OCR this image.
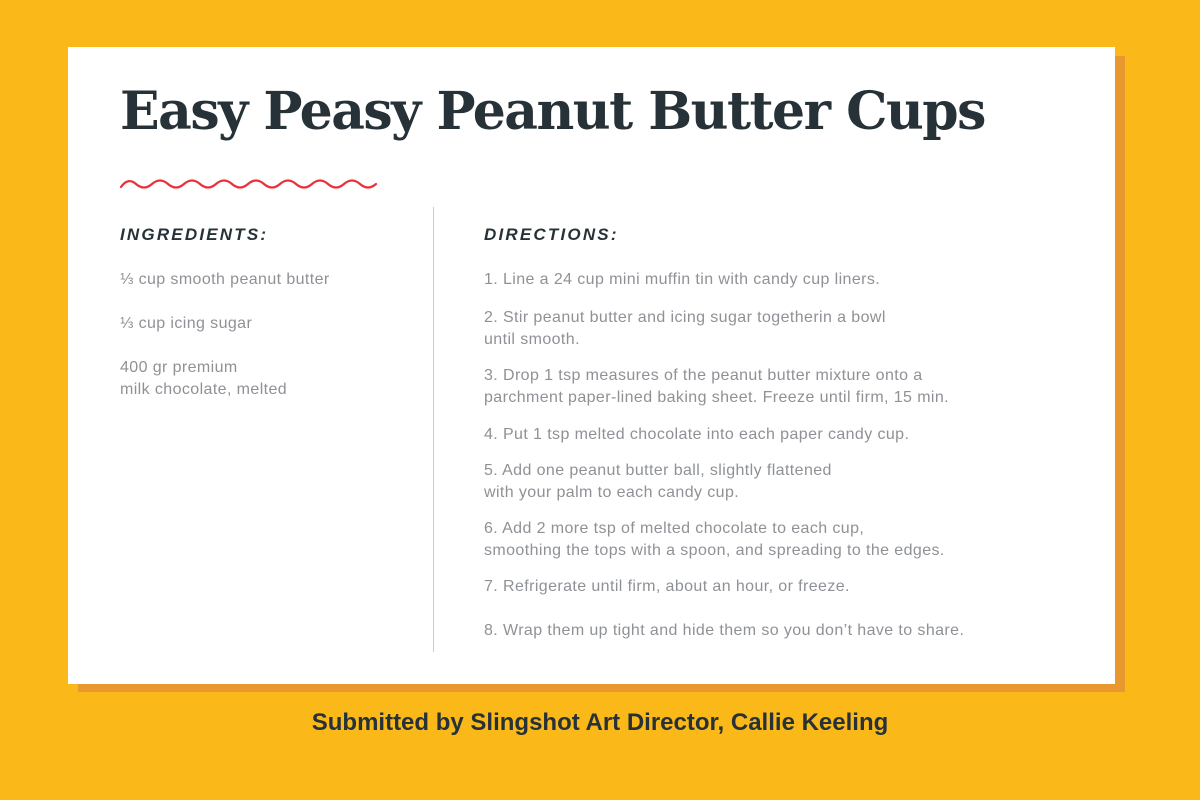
Easy Peasy Peanut Butter Cups
INGREDIENTS:
⅓ cup smooth peanut butter
⅓ cup icing sugar
400 gr premium
milk chocolate, melted
DIRECTIONS:
1. Line a 24 cup mini muffin tin with candy cup liners.
2. Stir peanut butter and icing sugar togetherin a bowl
until smooth.
3. Drop 1 tsp measures of the peanut butter mixture onto a
parchment paper-lined baking sheet. Freeze until firm, 15 min.
4. Put 1 tsp melted chocolate into each paper candy cup.
5. Add one peanut butter ball, slightly flattened
with your palm to each candy cup.
6. Add 2 more tsp of melted chocolate to each cup,
smoothing the tops with a spoon, and spreading to the edges.
7. Refrigerate until firm, about an hour, or freeze.
8. Wrap them up tight and hide them so you don’t have to share.

Submitted by Slingshot Art Director, Callie Keeling
